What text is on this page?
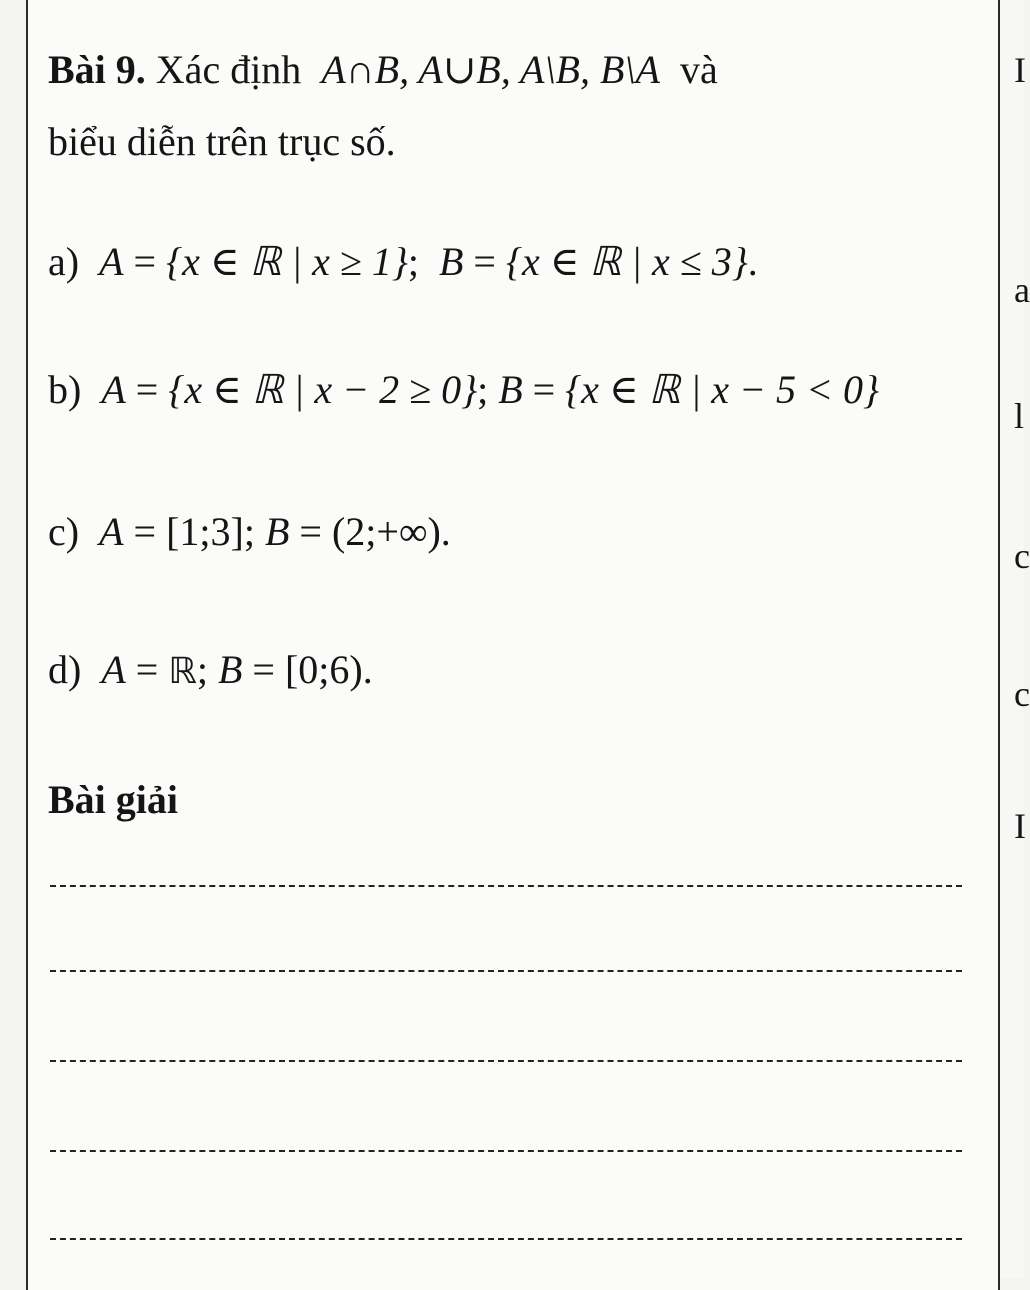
I
a
l
c
c
I
Bài 9. Xác định A∩B, A∪B, A\B, B\A và
biểu diễn trên trục số.
a) A = {x ∈ ℝ | x ≥ 1}; B = {x ∈ ℝ | x ≤ 3}.
b) A = {x ∈ ℝ | x − 2 ≥ 0}; B = {x ∈ ℝ | x − 5 < 0}
c) A = [1;3]; B = (2;+∞).
d) A = ℝ; B = [0;6).
Bài giải
